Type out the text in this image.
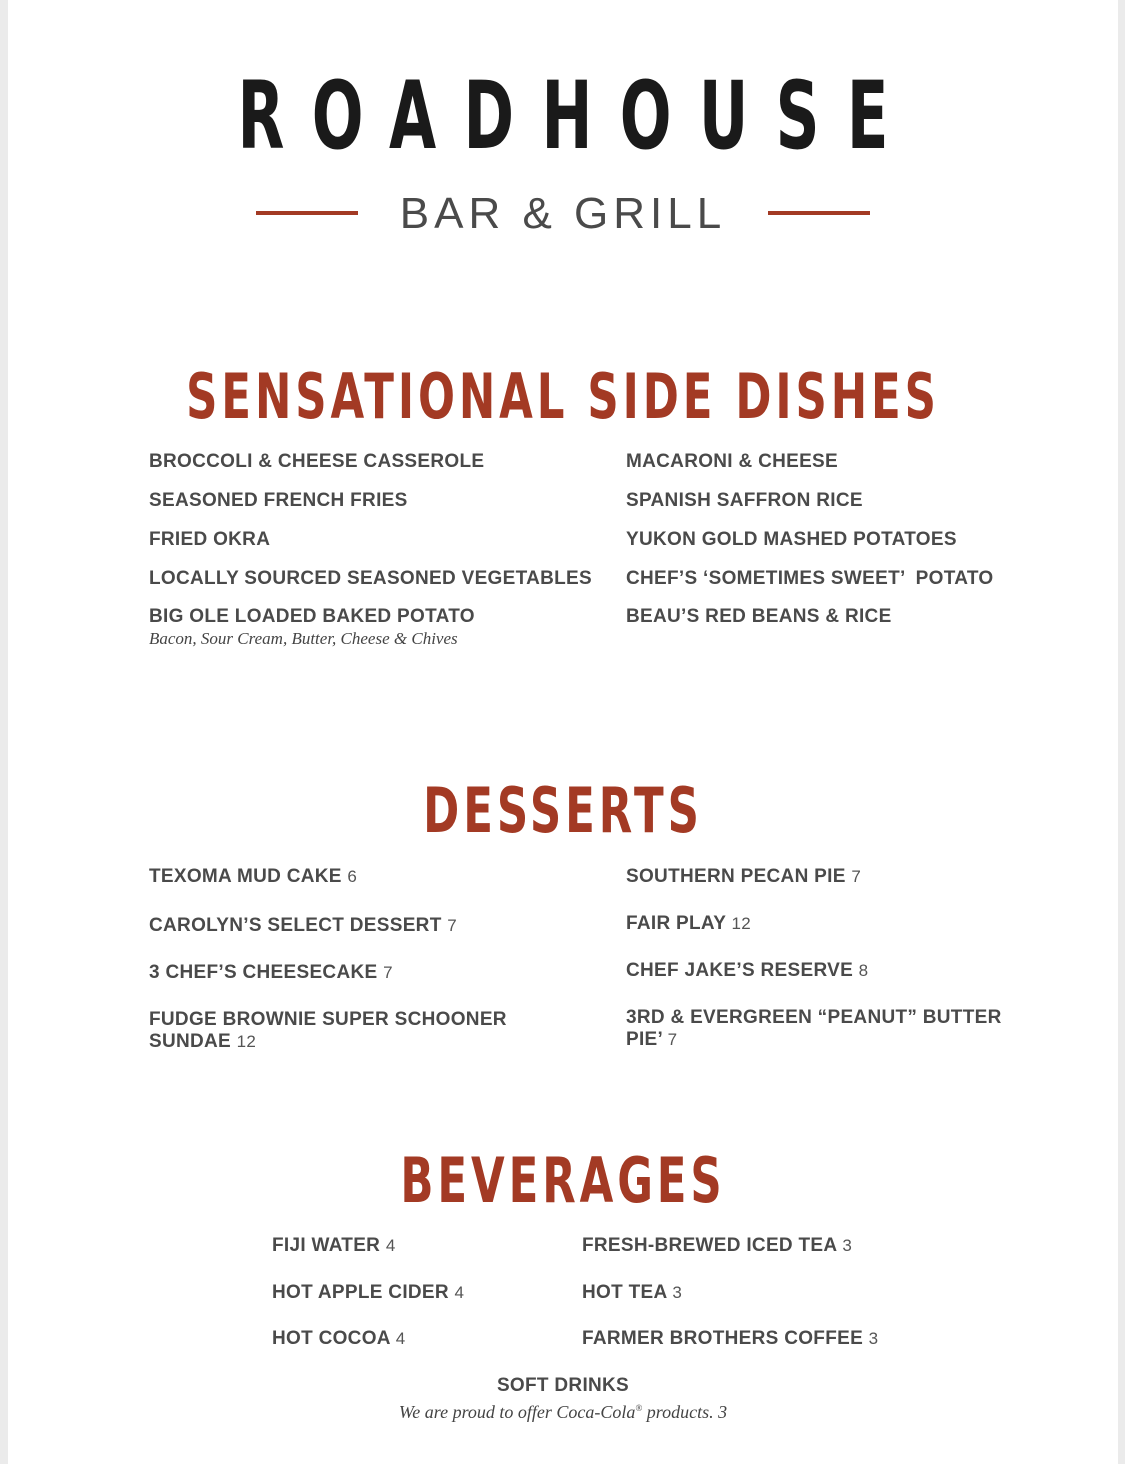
ROADHOUSE
BAR & GRILL
SENSATIONAL SIDE DISHES
BROCCOLI & CHEESE CASSEROLE
SEASONED FRENCH FRIES
FRIED OKRA
LOCALLY SOURCED SEASONED VEGETABLES
BIG OLE LOADED BAKED POTATO
Bacon, Sour Cream, Butter, Cheese & Chives
MACARONI & CHEESE
SPANISH SAFFRON RICE
YUKON GOLD MASHED POTATOES
CHEF’S ‘SOMETIMES SWEET’  POTATO
BEAU’S RED BEANS & RICE
DESSERTS
TEXOMA MUD CAKE 6
CAROLYN’S SELECT DESSERT 7
3 CHEF’S CHEESECAKE 7
FUDGE BROWNIE SUPER SCHOONER
SUNDAE 12
SOUTHERN PECAN PIE 7
FAIR PLAY 12
CHEF JAKE’S RESERVE 8
3RD & EVERGREEN “PEANUT” BUTTER
PIE’ 7
BEVERAGES
FIJI WATER 4
HOT APPLE CIDER 4
HOT COCOA 4
FRESH-BREWED ICED TEA 3
HOT TEA 3
FARMER BROTHERS COFFEE 3
SOFT DRINKS
We are proud to offer Coca-Cola® products. 3
